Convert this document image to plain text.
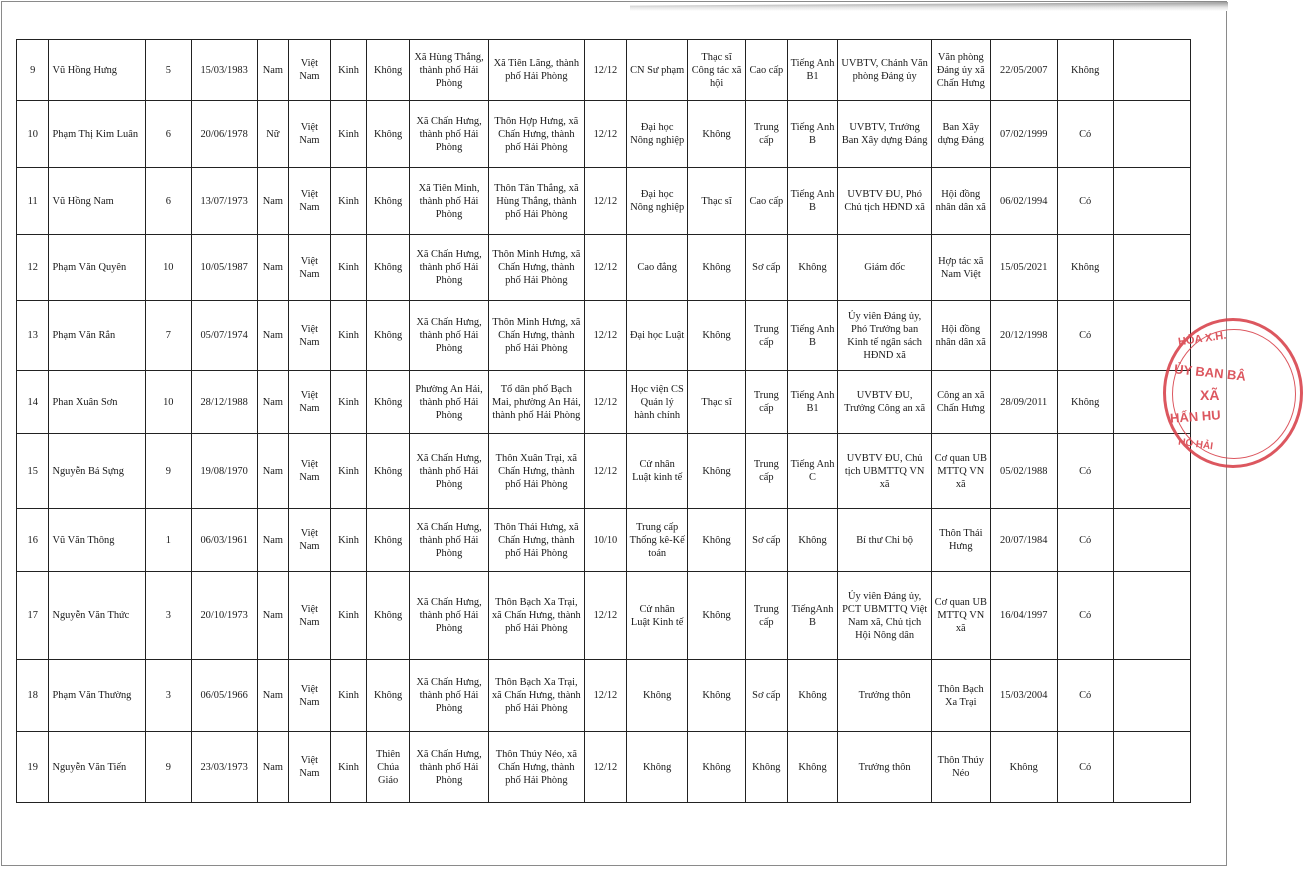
9	Vũ Hồng Hưng	5	15/03/1983	Nam	Việt Nam	Kinh	Không	Xã Hùng Thắng, thành phố Hải Phòng	Xã Tiên Lãng, thành phố Hải Phòng	12/12	CN Sư phạm	Thạc sĩ Công tác xã hội	Cao cấp	Tiếng Anh B1	UVBTV, Chánh Văn phòng Đảng ủy	Văn phòng Đảng ủy xã Chấn Hưng	22/05/2007	Không	
10	Phạm Thị Kim Luân	6	20/06/1978	Nữ	Việt Nam	Kinh	Không	Xã Chấn Hưng, thành phố Hải Phòng	Thôn Hợp Hưng, xã Chấn Hưng, thành phố Hải Phòng	12/12	Đại học Nông nghiệp	Không	Trung cấp	Tiếng Anh B	UVBTV, Trưởng Ban Xây dựng Đảng	Ban Xây dựng Đảng	07/02/1999	Có	
11	Vũ Hồng Nam	6	13/07/1973	Nam	Việt Nam	Kinh	Không	Xã Tiên Minh, thành phố Hải Phòng	Thôn Tân Thắng, xã Hùng Thắng, thành phố Hải Phòng	12/12	Đại học Nông nghiệp	Thạc sĩ	Cao cấp	Tiếng Anh B	UVBTV ĐU, Phó Chủ tịch HĐND xã	Hội đồng nhân dân xã	06/02/1994	Có	
12	Phạm Văn Quyên	10	10/05/1987	Nam	Việt Nam	Kinh	Không	Xã Chấn Hưng, thành phố Hải Phòng	Thôn Minh Hưng, xã Chấn Hưng, thành phố Hải Phòng	12/12	Cao đẳng	Không	Sơ cấp	Không	Giám đốc	Hợp tác xã Nam Việt	15/05/2021	Không	
13	Phạm Văn Rắn	7	05/07/1974	Nam	Việt Nam	Kinh	Không	Xã Chấn Hưng, thành phố Hải Phòng	Thôn Minh Hưng, xã Chấn Hưng, thành phố Hải Phòng	12/12	Đại học Luật	Không	Trung cấp	Tiếng Anh B	Ủy viên Đảng ủy, Phó Trưởng ban Kinh tế ngân sách HĐND xã	Hội đồng nhân dân xã	20/12/1998	Có	
14	Phan Xuân Sơn	10	28/12/1988	Nam	Việt Nam	Kinh	Không	Phường An Hải, thành phố Hải Phòng	Tổ dân phố Bạch Mai, phường An Hải, thành phố Hải Phòng	12/12	Học viện CS Quản lý hành chính	Thạc sĩ	Trung cấp	Tiếng Anh B1	UVBTV ĐU, Trưởng Công an xã	Công an xã Chấn Hưng	28/09/2011	Không	
15	Nguyễn Bá Sựng	9	19/08/1970	Nam	Việt Nam	Kinh	Không	Xã Chấn Hưng, thành phố Hải Phòng	Thôn Xuân Trại, xã Chấn Hưng, thành phố Hải Phòng	12/12	Cử nhân Luật kinh tế	Không	Trung cấp	Tiếng Anh C	UVBTV ĐU, Chủ tịch UBMTTQ VN xã	Cơ quan UB MTTQ VN xã	05/02/1988	Có	
16	Vũ Văn Thông	1	06/03/1961	Nam	Việt Nam	Kinh	Không	Xã Chấn Hưng, thành phố Hải Phòng	Thôn Thái Hưng, xã Chấn Hưng, thành phố Hải Phòng	10/10	Trung cấp Thống kê-Kế toán	Không	Sơ cấp	Không	Bí thư Chi bộ	Thôn Thái Hưng	20/07/1984	Có	
17	Nguyễn Văn Thức	3	20/10/1973	Nam	Việt Nam	Kinh	Không	Xã Chấn Hưng, thành phố Hải Phòng	Thôn Bạch Xa Trại, xã Chấn Hưng, thành phố Hải Phòng	12/12	Cử nhân Luật Kinh tế	Không	Trung cấp	TiếngAnh B	Ủy viên Đảng ủy, PCT UBMTTQ Việt Nam xã, Chủ tịch Hội Nông dân	Cơ quan UB MTTQ VN xã	16/04/1997	Có	
18	Phạm Văn Thường	3	06/05/1966	Nam	Việt Nam	Kinh	Không	Xã Chấn Hưng, thành phố Hải Phòng	Thôn Bạch Xa Trại, xã Chấn Hưng, thành phố Hải Phòng	12/12	Không	Không	Sơ cấp	Không	Trưởng thôn	Thôn Bạch Xa Trại	15/03/2004	Có	
19	Nguyễn Văn Tiến	9	23/03/1973	Nam	Việt Nam	Kinh	Thiên Chúa Giáo	Xã Chấn Hưng, thành phố Hải Phòng	Thôn Thúy Néo, xã Chấn Hưng, thành phố Hải Phòng	12/12	Không	Không	Không	Không	Trưởng thôn	Thôn Thúy Néo	Không	Có	
HÒA X.H.
ỦY BAN BÂ
XÃ
HẤN HU
HỎ HẢI
